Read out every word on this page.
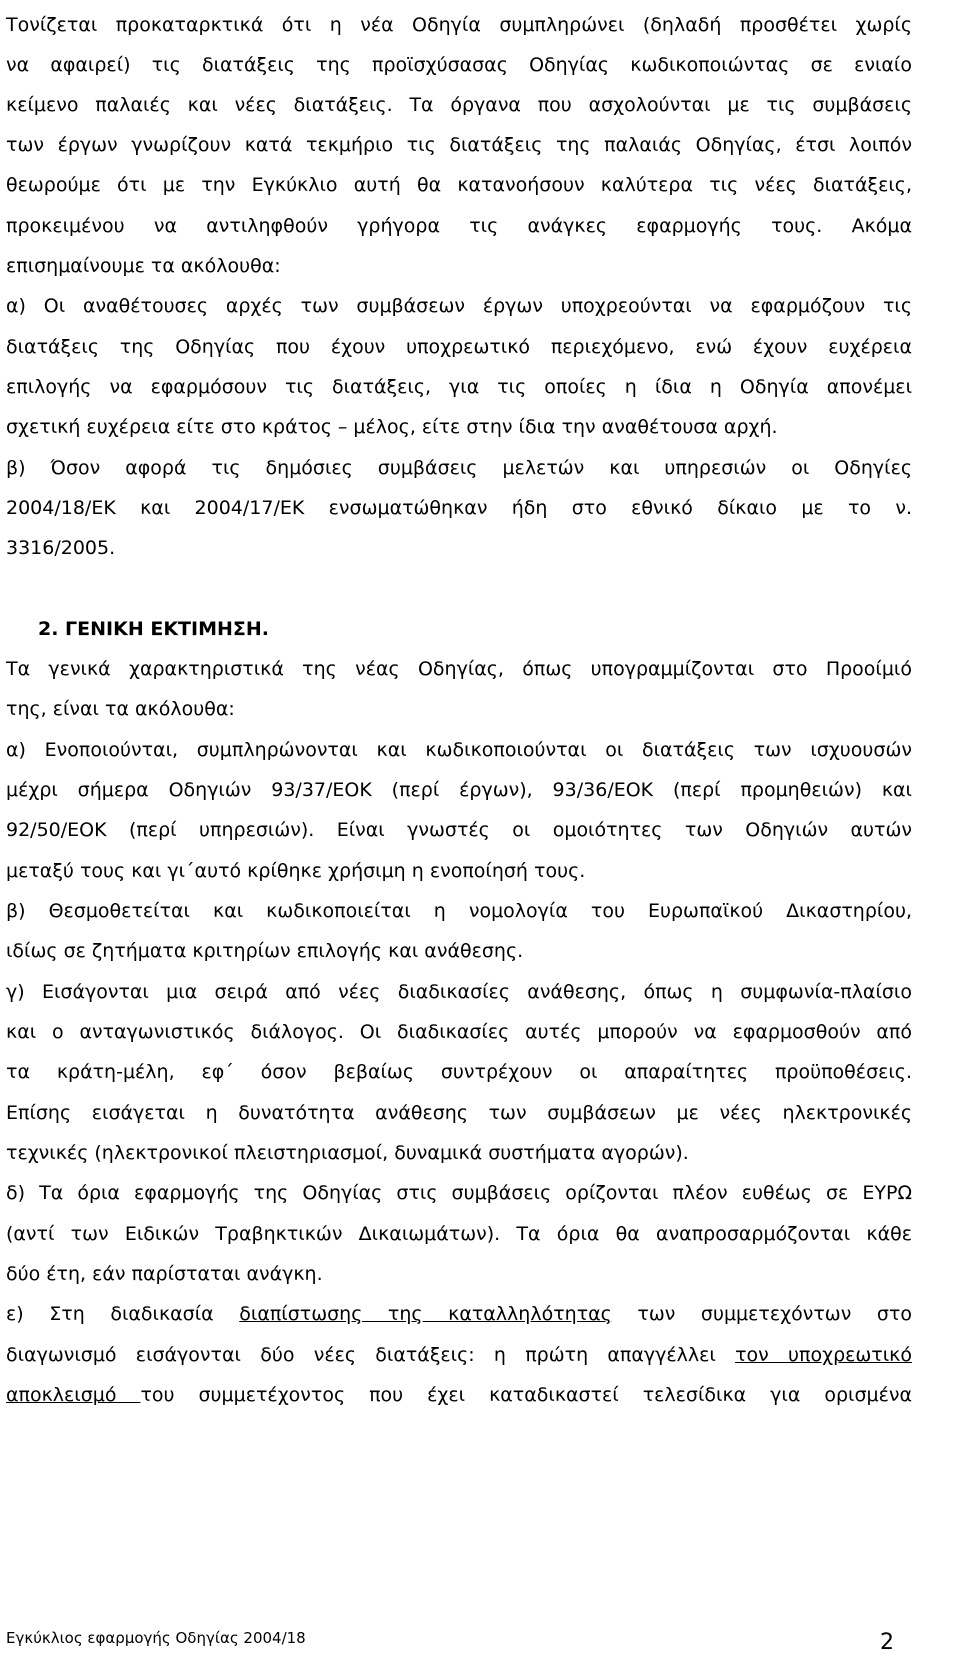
Τονίζεται προκαταρκτικά ότι η νέα Οδηγία συμπληρώνει (δηλαδή προσθέτει χωρίς
να αφαιρεί) τις διατάξεις της προϊσχύσασας Οδηγίας κωδικοποιώντας σε ενιαίο
κείμενο παλαιές και νέες διατάξεις. Τα όργανα που ασχολούνται με τις συμβάσεις
των έργων γνωρίζουν κατά τεκμήριο τις διατάξεις της παλαιάς Οδηγίας, έτσι λοιπόν
θεωρούμε ότι με την Εγκύκλιο αυτή θα κατανοήσουν καλύτερα τις νέες διατάξεις,
προκειμένου να αντιληφθούν γρήγορα τις ανάγκες εφαρμογής τους. Ακόμα
επισημαίνουμε τα ακόλουθα:
α) Οι αναθέτουσες αρχές των συμβάσεων έργων υποχρεούνται να εφαρμόζουν τις
διατάξεις της Οδηγίας που έχουν υποχρεωτικό περιεχόμενο, ενώ έχουν ευχέρεια
επιλογής να εφαρμόσουν τις διατάξεις, για τις οποίες η ίδια η Οδηγία απονέμει
σχετική ευχέρεια είτε στο κράτος – μέλος, είτε στην ίδια την αναθέτουσα αρχή.
β) Όσον αφορά τις δημόσιες συμβάσεις μελετών και υπηρεσιών οι Οδηγίες
2004/18/ΕΚ και 2004/17/ΕΚ ενσωματώθηκαν ήδη στο εθνικό δίκαιο με το ν.
3316/2005.
2. ΓΕΝΙΚΗ ΕΚΤΙΜΗΣΗ.
Τα γενικά χαρακτηριστικά της νέας Οδηγίας, όπως υπογραμμίζονται στο Προοίμιό
της, είναι τα ακόλουθα:
α) Ενοποιούνται, συμπληρώνονται και κωδικοποιούνται οι διατάξεις των ισχυουσών
μέχρι σήμερα Οδηγιών 93/37/ΕΟΚ (περί έργων), 93/36/ΕΟΚ (περί προμηθειών) και
92/50/ΕΟΚ (περί υπηρεσιών). Είναι γνωστές οι ομοιότητες των Οδηγιών αυτών
μεταξύ τους και γι΄αυτό κρίθηκε χρήσιμη η ενοποίησή τους.
β) Θεσμοθετείται και κωδικοποιείται η νομολογία του Ευρωπαϊκού Δικαστηρίου,
ιδίως σε ζητήματα κριτηρίων επιλογής και ανάθεσης.
γ) Εισάγονται μια σειρά από νέες διαδικασίες ανάθεσης, όπως η συμφωνία-πλαίσιο
και ο ανταγωνιστικός διάλογος. Οι διαδικασίες αυτές μπορούν να εφαρμοσθούν από
τα κράτη-μέλη, εφ΄ όσον βεβαίως συντρέχουν οι απαραίτητες προϋποθέσεις.
Επίσης εισάγεται η δυνατότητα ανάθεσης των συμβάσεων με νέες ηλεκτρονικές
τεχνικές (ηλεκτρονικοί πλειστηριασμοί, δυναμικά συστήματα αγορών).
δ) Τα όρια εφαρμογής της Οδηγίας στις συμβάσεις ορίζονται πλέον ευθέως σε ΕΥΡΩ
(αντί των Ειδικών Τραβηκτικών Δικαιωμάτων). Τα όρια θα αναπροσαρμόζονται κάθε
δύο έτη, εάν παρίσταται ανάγκη.
ε) Στη διαδικασία διαπίστωσης της καταλληλότητας των συμμετεχόντων στο
διαγωνισμό εισάγονται δύο νέες διατάξεις: η πρώτη απαγγέλλει τον υποχρεωτικό
αποκλεισμό του συμμετέχοντος που έχει καταδικαστεί τελεσίδικα για ορισμένα
Εγκύκλιος εφαρμογής Οδηγίας 2004/18	2
